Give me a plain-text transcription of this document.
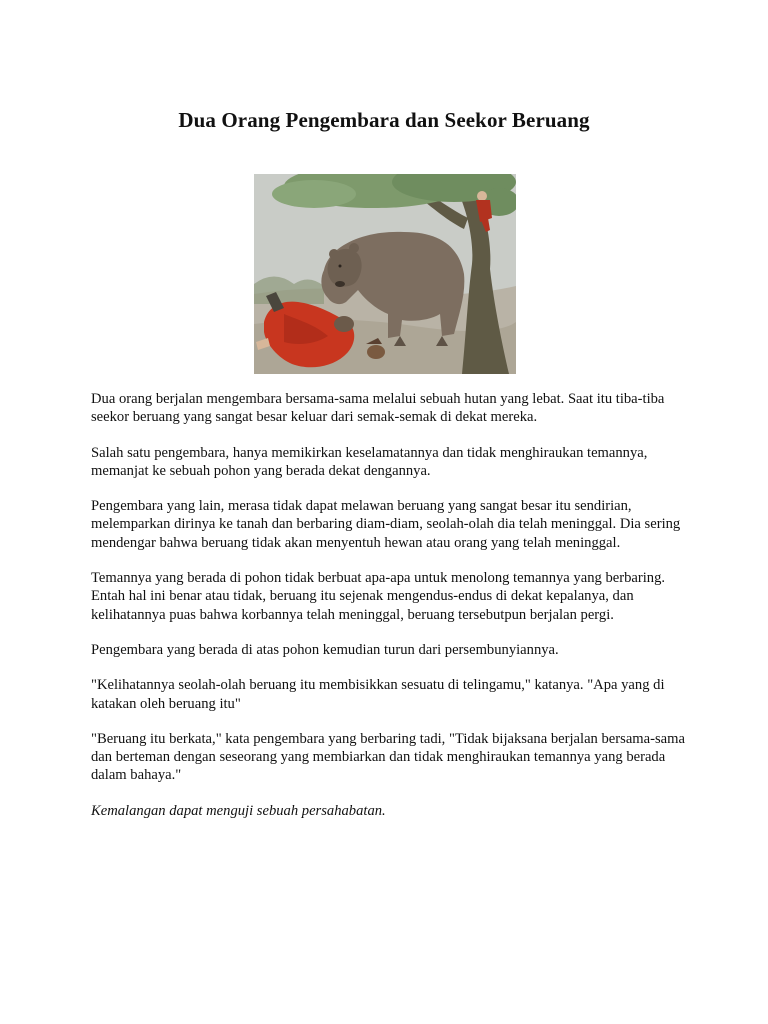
Dua Orang Pengembara dan Seekor Beruang

Dua orang berjalan mengembara bersama-sama melalui sebuah hutan yang lebat. Saat itu tiba-tiba seekor beruang yang sangat besar keluar dari semak-semak di dekat mereka.

Salah satu pengembara, hanya memikirkan keselamatannya dan tidak menghiraukan temannya, memanjat ke sebuah pohon yang berada dekat dengannya.

Pengembara yang lain, merasa tidak dapat melawan beruang yang sangat besar itu sendirian, melemparkan dirinya ke tanah dan berbaring diam-diam, seolah-olah dia telah meninggal. Dia sering mendengar bahwa beruang tidak akan menyentuh hewan atau orang yang telah meninggal.

Temannya yang berada di pohon tidak berbuat apa-apa untuk menolong temannya yang berbaring. Entah hal ini benar atau tidak, beruang itu sejenak mengendus-endus di dekat kepalanya, dan kelihatannya puas bahwa korbannya telah meninggal, beruang tersebutpun berjalan pergi.

Pengembara yang berada di atas pohon kemudian turun dari persembunyiannya.

"Kelihatannya seolah-olah beruang itu membisikkan sesuatu di telingamu," katanya. "Apa yang di katakan oleh beruang itu"

"Beruang itu berkata," kata pengembara yang berbaring tadi, "Tidak bijaksana berjalan bersama-sama dan berteman dengan seseorang yang membiarkan dan tidak menghiraukan temannya yang berada dalam bahaya."

Kemalangan dapat menguji sebuah persahabatan.
